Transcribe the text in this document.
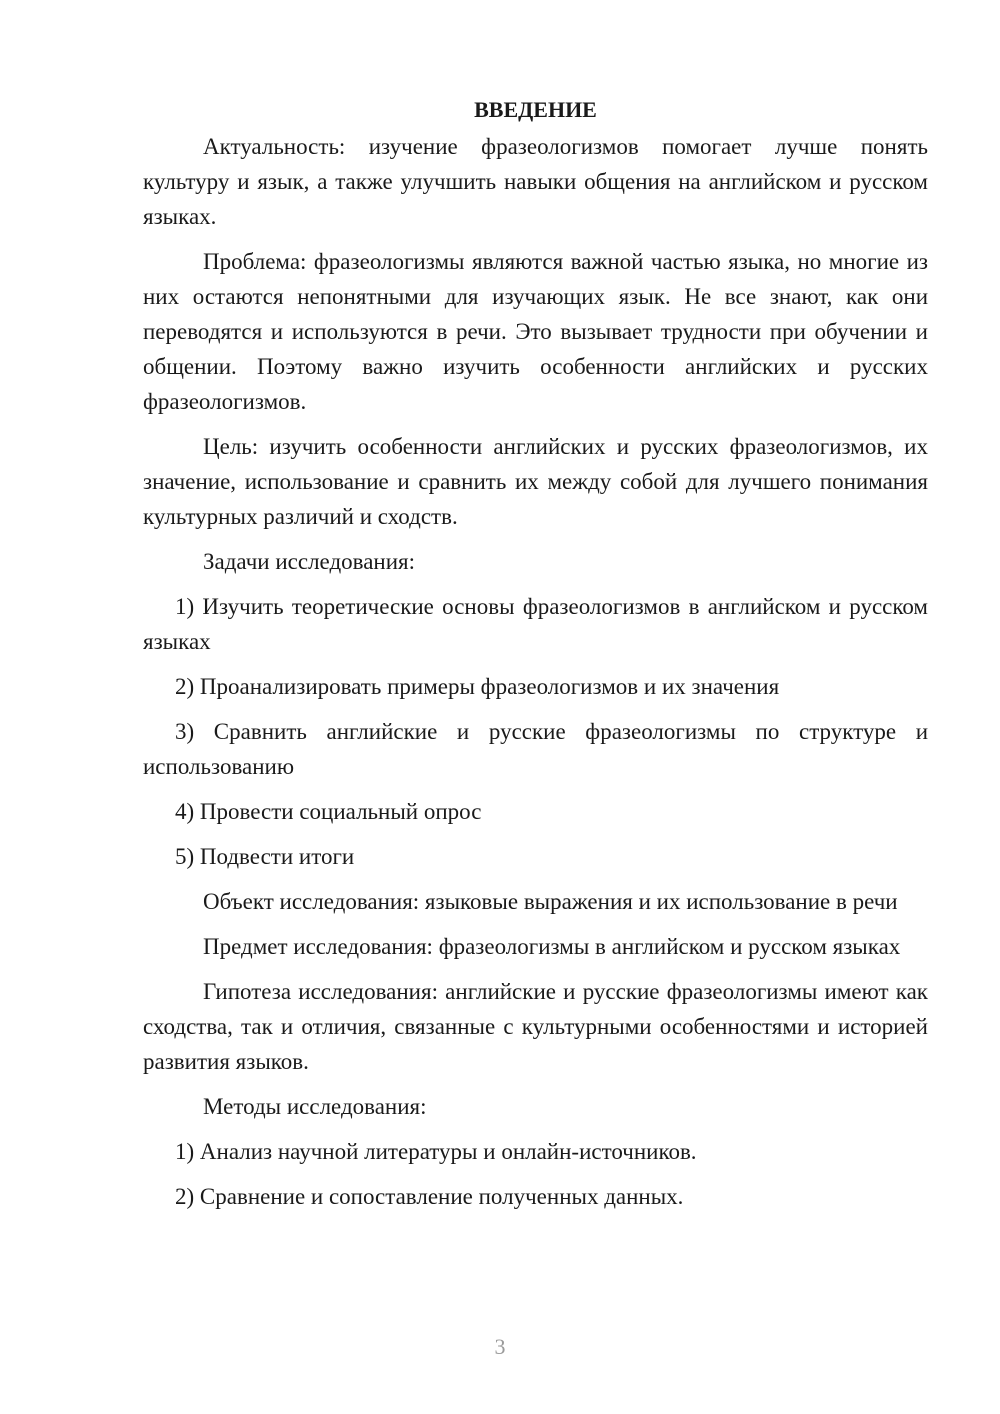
ВВЕДЕНИЕ

Актуальность: изучение фразеологизмов помогает лучше понять культуру и язык, а также улучшить навыки общения на английском и русском языках.

Проблема: фразеологизмы являются важной частью языка, но многие из них остаются непонятными для изучающих язык. Не все знают, как они переводятся и используются в речи. Это вызывает трудности при обучении и общении. Поэтому важно изучить особенности английских и русских фразеологизмов.

Цель: изучить особенности английских и русских фразеологизмов, их значение, использование и сравнить их между собой для лучшего понимания культурных различий и сходств.

Задачи исследования:

1) Изучить теоретические основы фразеологизмов в английском и русском языках

2) Проанализировать примеры фразеологизмов и их значения

3) Сравнить английские и русские фразеологизмы по структуре и использованию

4) Провести социальный опрос

5) Подвести итоги

Объект исследования: языковые выражения и их использование в речи

Предмет исследования: фразеологизмы в английском и русском языках

Гипотеза исследования: английские и русские фразеологизмы имеют как сходства, так и отличия, связанные с культурными особенностями и историей развития языков.

Методы исследования:

1) Анализ научной литературы и онлайн-источников.

2) Сравнение и сопоставление полученных данных.

3
